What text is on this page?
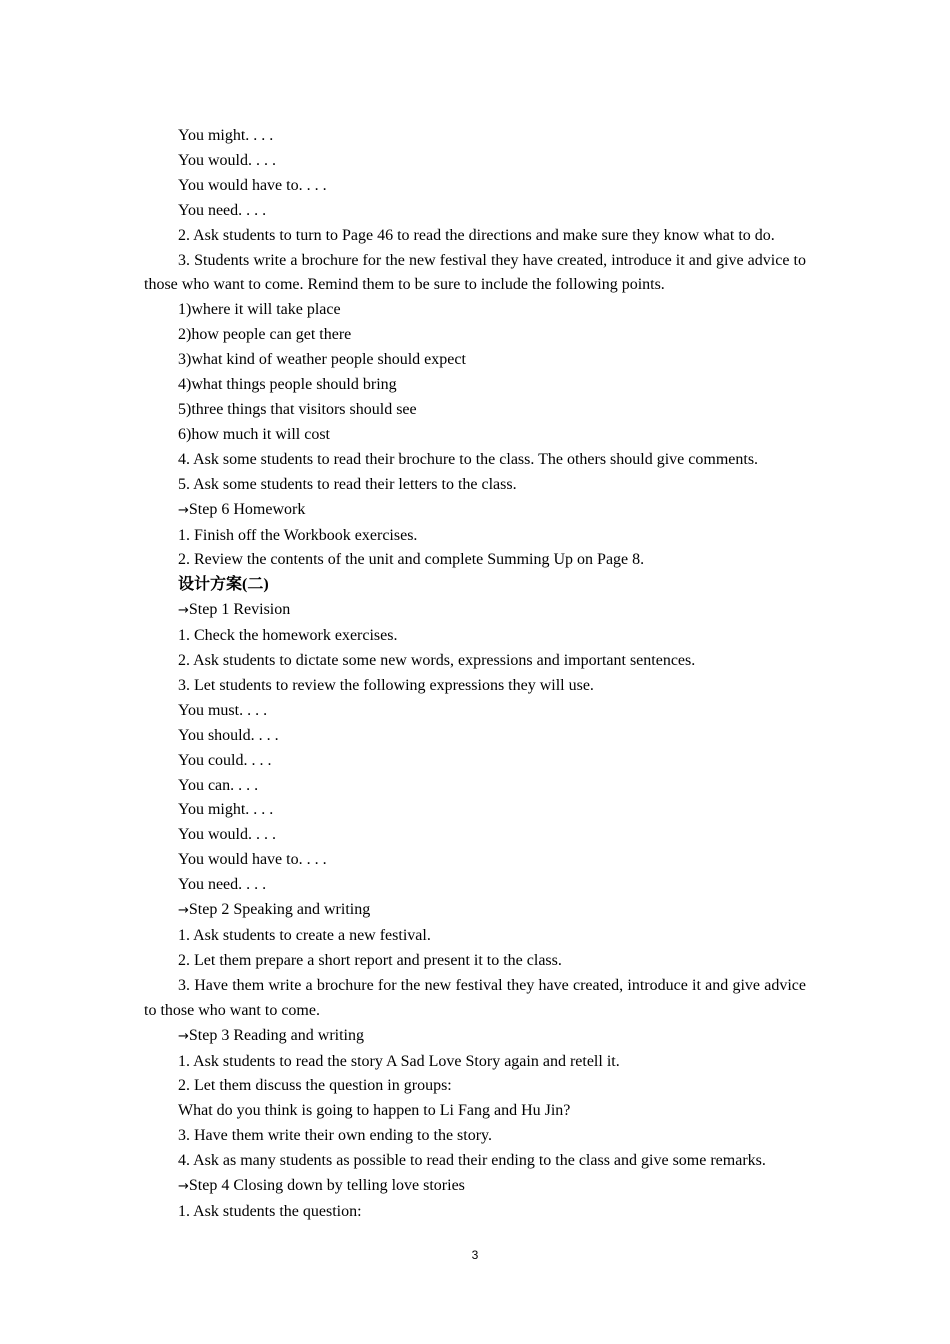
You might. . . .

You would. . . .

You would have to. . . .

You need. . . .

2. Ask students to turn to Page 46 to read the directions and make sure they know what to do.

3. Students write a brochure for the new festival they have created, introduce it and give advice to those who want to come. Remind them to be sure to include the following points.

1)where it will take place

2)how people can get there

3)what kind of weather people should expect

4)what things people should bring

5)three things that visitors should see

6)how much it will cost

4. Ask some students to read their brochure to the class. The others should give comments.

5. Ask some students to read their letters to the class.

→Step 6 Homework

1. Finish off the Workbook exercises.

2. Review the contents of the unit and complete Summing Up on Page 8.

设计方案(二)

→Step 1 Revision

1. Check the homework exercises.

2. Ask students to dictate some new words, expressions and important sentences.

3. Let students to review the following expressions they will use.

You must. . . .

You should. . . .

You could. . . .

You can. . . .

You might. . . .

You would. . . .

You would have to. . . .

You need. . . .

→Step 2 Speaking and writing

1. Ask students to create a new festival.

2. Let them prepare a short report and present it to the class.

3. Have them write a brochure for the new festival they have created, introduce it and give advice to those who want to come.

→Step 3 Reading and writing

1. Ask students to read the story A Sad Love Story again and retell it.

2. Let them discuss the question in groups:

What do you think is going to happen to Li Fang and Hu Jin?

3. Have them write their own ending to the story.

4. Ask as many students as possible to read their ending to the class and give some remarks.

→Step 4 Closing down by telling love stories

1. Ask students the question:

3
